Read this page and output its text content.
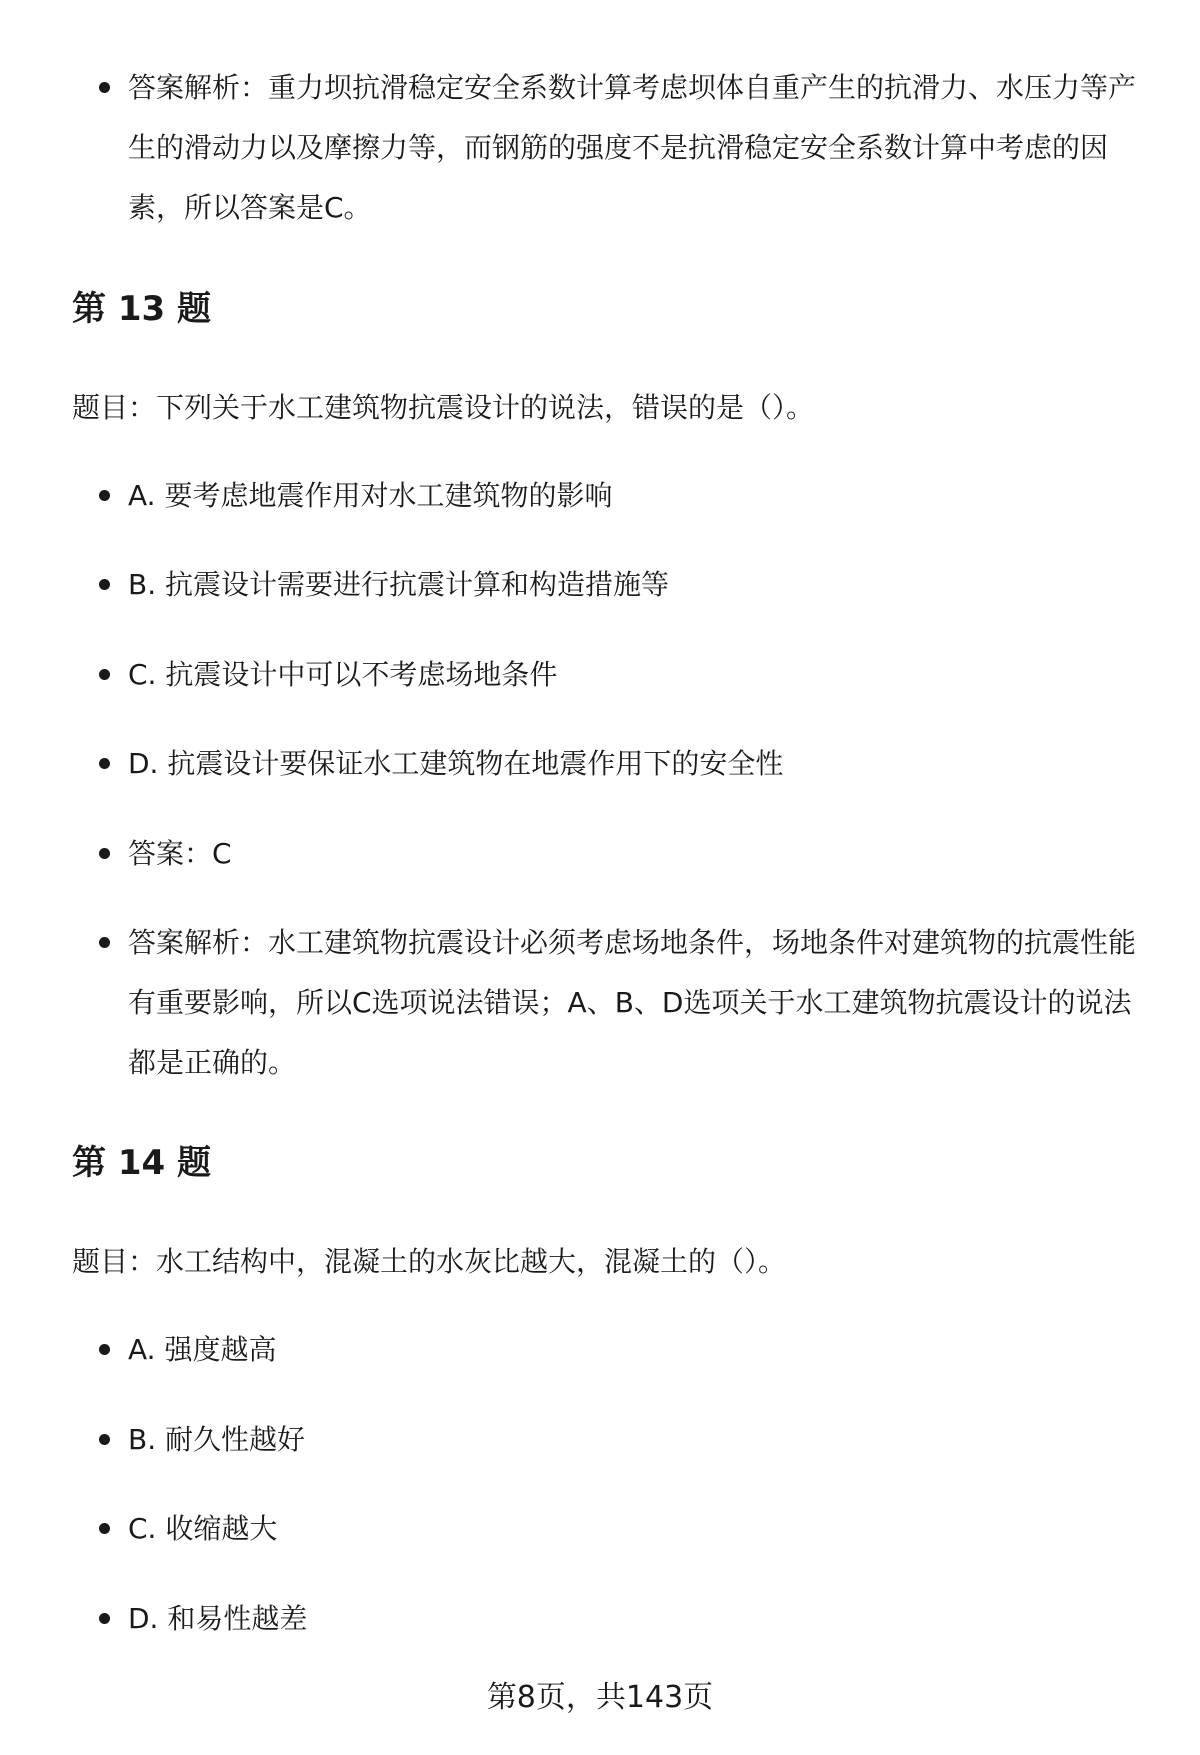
答案解析：重力坝抗滑稳定安全系数计算考虑坝体自重产生的抗滑力、水压力等产生的滑动力以及摩擦力等，而钢筋的强度不是抗滑稳定安全系数计算中考虑的因素，所以答案是C。
第 13 题
题目：下列关于水工建筑物抗震设计的说法，错误的是（）。
A. 要考虑地震作用对水工建筑物的影响
B. 抗震设计需要进行抗震计算和构造措施等
C. 抗震设计中可以不考虑场地条件
D. 抗震设计要保证水工建筑物在地震作用下的安全性
答案：C
答案解析：水工建筑物抗震设计必须考虑场地条件，场地条件对建筑物的抗震性能有重要影响，所以C选项说法错误；A、B、D选项关于水工建筑物抗震设计的说法都是正确的。
第 14 题
题目：水工结构中，混凝土的水灰比越大，混凝土的（）。
A. 强度越高
B. 耐久性越好
C. 收缩越大
D. 和易性越差
第8页，共143页
